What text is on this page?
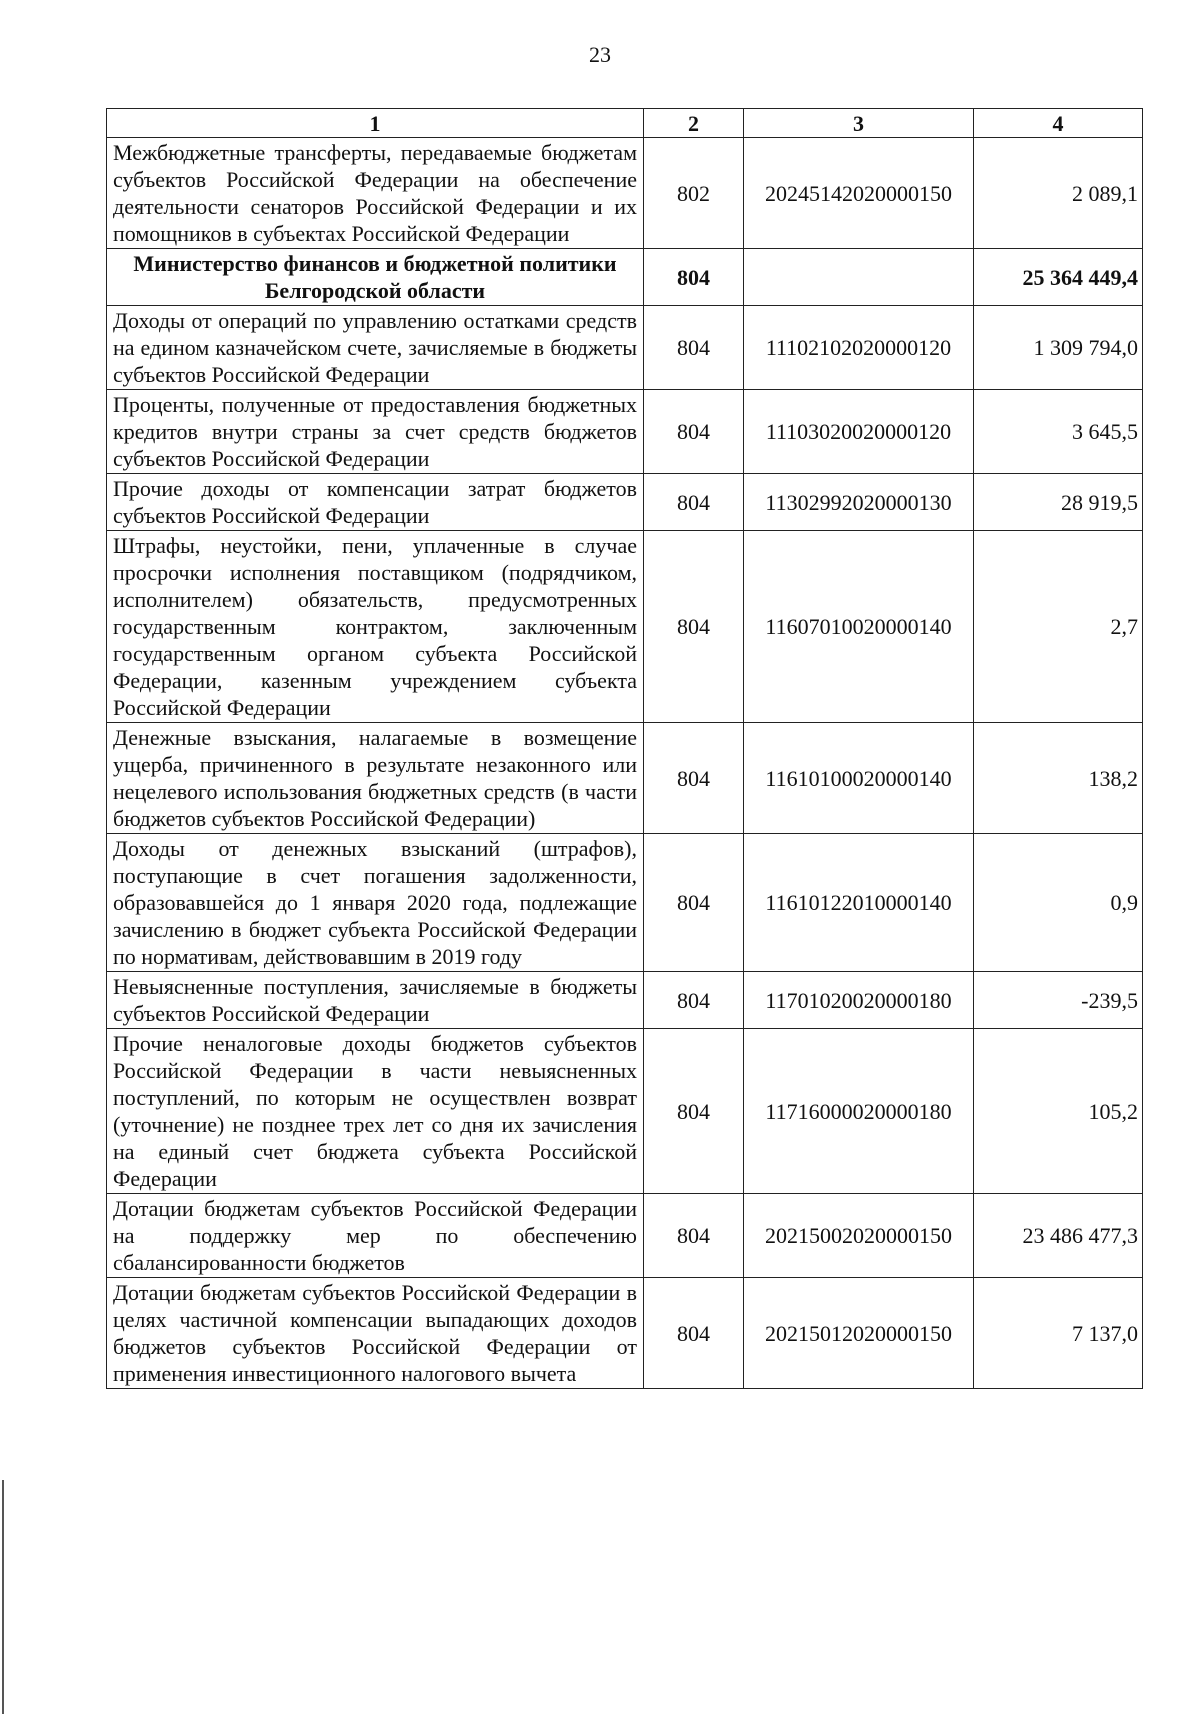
23
1	2	3	4
Межбюджетные трансферты, передаваемые бюджетам субъектов Российской Федерации на обеспечение деятельности сенаторов Российской Федерации и их помощников в субъектах Российской Федерации	802	20245142020000150	2 089,1
Министерство финансов и бюджетной политики Белгородской области	804		25 364 449,4
Доходы от операций по управлению остатками средств на едином казначейском счете, зачисляемые в бюджеты субъектов Российской Федерации	804	11102102020000120	1 309 794,0
Проценты, полученные от предоставления бюджетных кредитов внутри страны за счет средств бюджетов субъектов Российской Федерации	804	11103020020000120	3 645,5
Прочие доходы от компенсации затрат бюджетов субъектов Российской Федерации	804	11302992020000130	28 919,5
Штрафы, неустойки, пени, уплаченные в случае просрочки исполнения поставщиком (подрядчиком, исполнителем) обязательств, предусмотренных государственным контрактом, заключенным государственным органом субъекта Российской Федерации, казенным учреждением субъекта Российской Федерации	804	11607010020000140	2,7
Денежные взыскания, налагаемые в возмещение ущерба, причиненного в результате незаконного или нецелевого использования бюджетных средств (в части бюджетов субъектов Российской Федерации)	804	11610100020000140	138,2
Доходы от денежных взысканий (штрафов), поступающие в счет погашения задолженности, образовавшейся до 1 января 2020 года, подлежащие зачислению в бюджет субъекта Российской Федерации по нормативам, действовавшим в 2019 году	804	11610122010000140	0,9
Невыясненные поступления, зачисляемые в бюджеты субъектов Российской Федерации	804	11701020020000180	-239,5
Прочие неналоговые доходы бюджетов субъектов Российской Федерации в части невыясненных поступлений, по которым не осуществлен возврат (уточнение) не позднее трех лет со дня их зачисления на единый счет бюджета субъекта Российской Федерации	804	11716000020000180	105,2
Дотации бюджетам субъектов Российской Федерации на поддержку мер по обеспечению сбалансированности бюджетов	804	20215002020000150	23 486 477,3
Дотации бюджетам субъектов Российской Федерации в целях частичной компенсации выпадающих доходов бюджетов субъектов Российской Федерации от применения инвестиционного налогового вычета	804	20215012020000150	7 137,0
